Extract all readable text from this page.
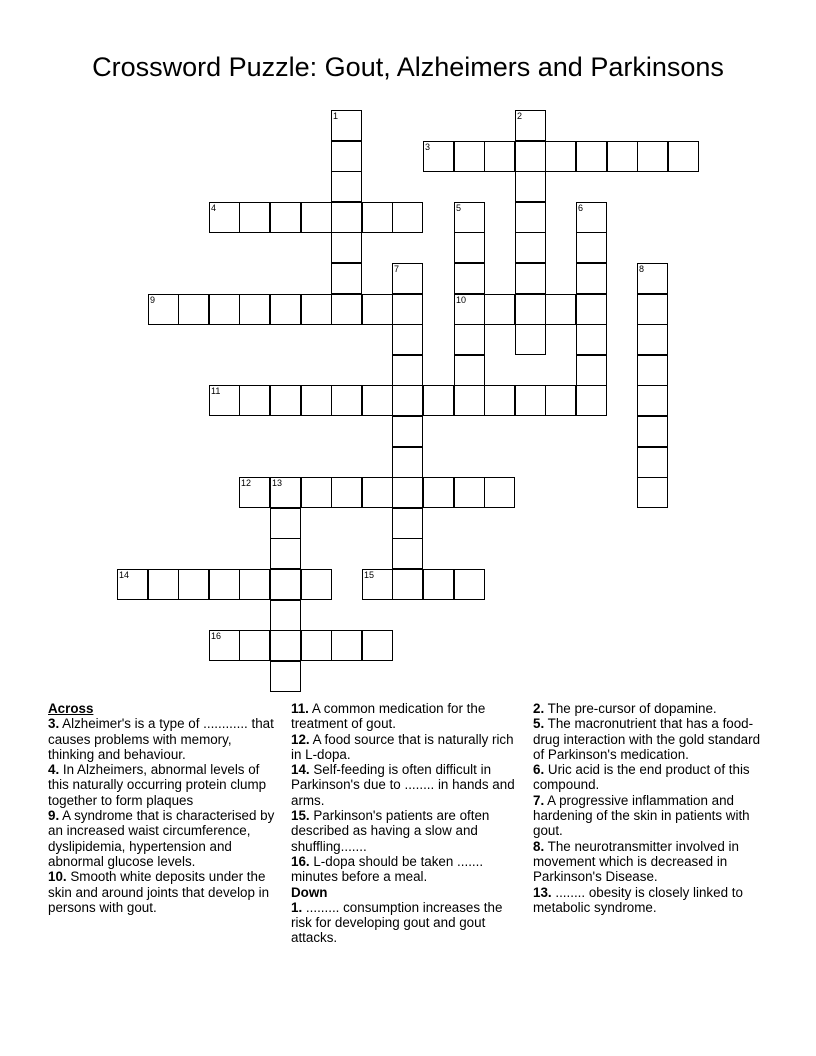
Crossword Puzzle: Gout, Alzheimers and Parkinsons
1	2
3
4	5
10
6
7	8
9
11
12 13
14	15
16
Across
3. Alzheimer's is a type of ............ that causes problems with memory, thinking and behaviour.
4. In Alzheimers, abnormal levels of this naturally occurring protein clump together to form plaques
9. A syndrome that is characterised by an increased waist circumference, dyslipidemia, hypertension and abnormal glucose levels.
10. Smooth white deposits under the skin and around joints that develop in persons with gout.
11. A common medication for the treatment of gout.
12. A food source that is naturally rich in L-dopa.
14. Self-feeding is often difficult in Parkinson's due to ........ in hands and arms.
15. Parkinson's patients are often described as having a slow and shuffling.......
16. L-dopa should be taken ....... minutes before a meal.
Down
1. ......... consumption increases the risk for developing gout and gout attacks.
2. The pre-cursor of dopamine.
5. The macronutrient that has a food-drug interaction with the gold standard of Parkinson's medication.
6. Uric acid is the end product of this compound.
7. A progressive inflammation and hardening of the skin in patients with gout.
8. The neurotransmitter involved in movement which is decreased in Parkinson's Disease.
13. ........ obesity is closely linked to metabolic syndrome.
